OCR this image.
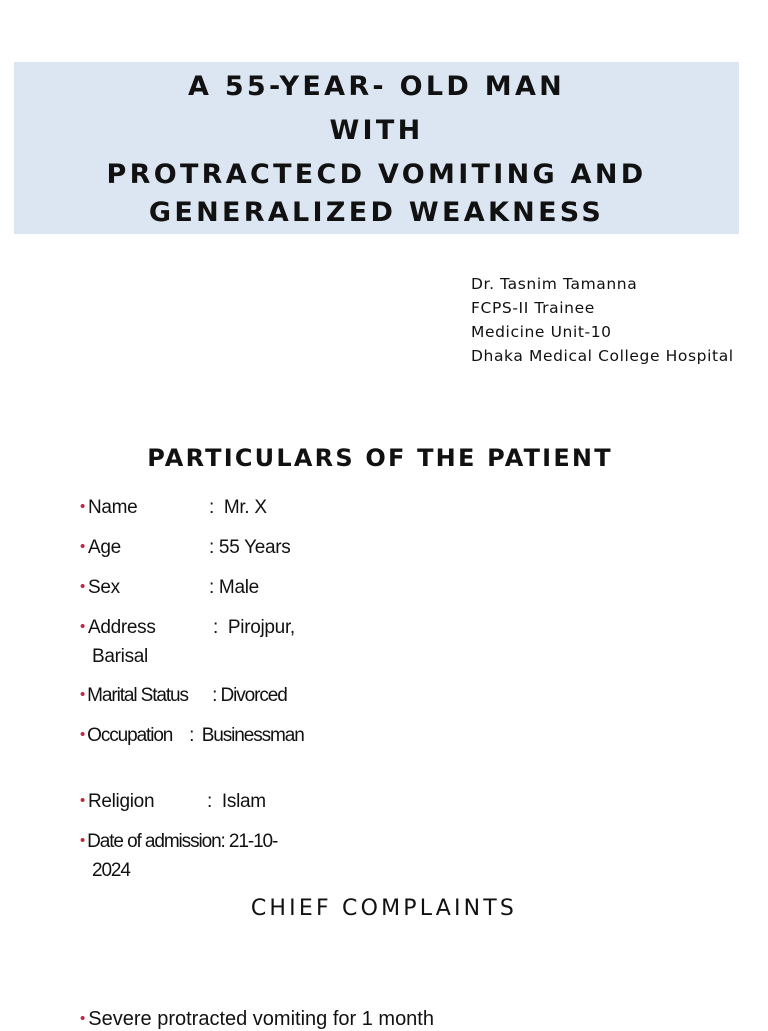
A 55-YEAR- OLD MAN
WITH
PROTRACTECD VOMITING AND
GENERALIZED WEAKNESS
Dr. Tasnim Tamanna
FCPS-II Trainee
Medicine Unit-10
Dhaka Medical College Hospital
PARTICULARS OF THE PATIENT
• Name	: Mr. X
• Age	: 55 Years
• Sex	: Male
• Address	: Pirojpur,
Barisal
• Marital Status : Divorced
• Occupation : Businessman
• Religion	: Islam
• Date of admission: 21-10-
2024
CHIEF COMPLAINTS
• Severe protracted vomiting for 1 month
